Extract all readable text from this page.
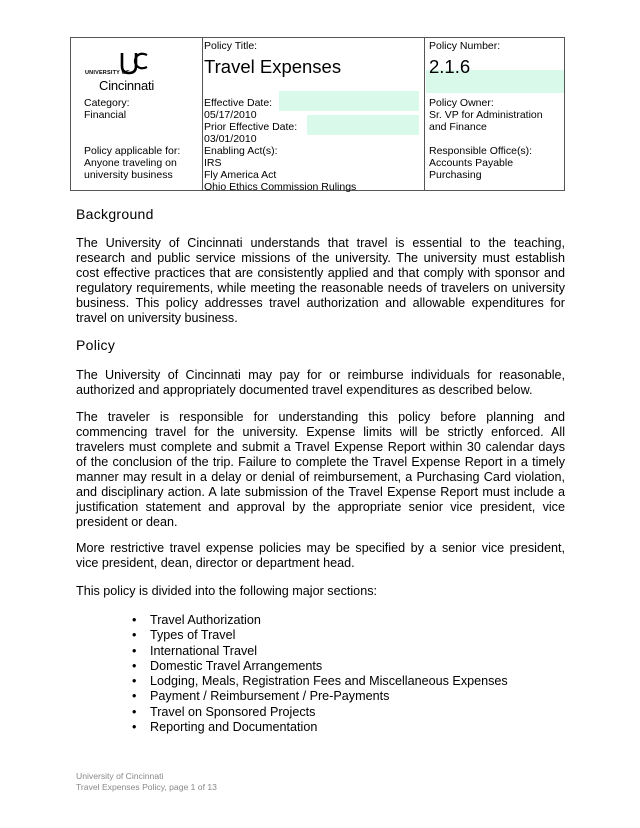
UNIVERSITY OF
Cincinnati
Policy Title:
Travel Expenses
Policy Number:
2.1.6
Category:
Financial
Effective Date:
05/17/2010
Prior Effective Date:
03/01/2010
Policy Owner:
Sr. VP for Administration
and Finance
Policy applicable for:
Anyone traveling on
university business
Enabling Act(s):
IRS
Fly America Act
Ohio Ethics Commission Rulings
Responsible Office(s):
Accounts Payable
Purchasing
Background
The University of Cincinnati understands that travel is essential to the teaching, research and public service missions of the university. The university must establish cost effective practices that are consistently applied and that comply with sponsor and regulatory requirements, while meeting the reasonable needs of travelers on university business. This policy addresses travel authorization and allowable expenditures for travel on university business.
Policy
The University of Cincinnati may pay for or reimburse individuals for reasonable, authorized and appropriately documented travel expenditures as described below.
The traveler is responsible for understanding this policy before planning and commencing travel for the university. Expense limits will be strictly enforced. All travelers must complete and submit a Travel Expense Report within 30 calendar days of the conclusion of the trip. Failure to complete the Travel Expense Report in a timely manner may result in a delay or denial of reimbursement, a Purchasing Card violation, and disciplinary action. A late submission of the Travel Expense Report must include a justification statement and approval by the appropriate senior vice president, vice president or dean.
More restrictive travel expense policies may be specified by a senior vice president, vice president, dean, director or department head.
This policy is divided into the following major sections:
• Travel Authorization
• Types of Travel
• International Travel
• Domestic Travel Arrangements
• Lodging, Meals, Registration Fees and Miscellaneous Expenses
• Payment / Reimbursement / Pre-Payments
• Travel on Sponsored Projects
• Reporting and Documentation
University of Cincinnati
Travel Expenses Policy, page 1 of 13
